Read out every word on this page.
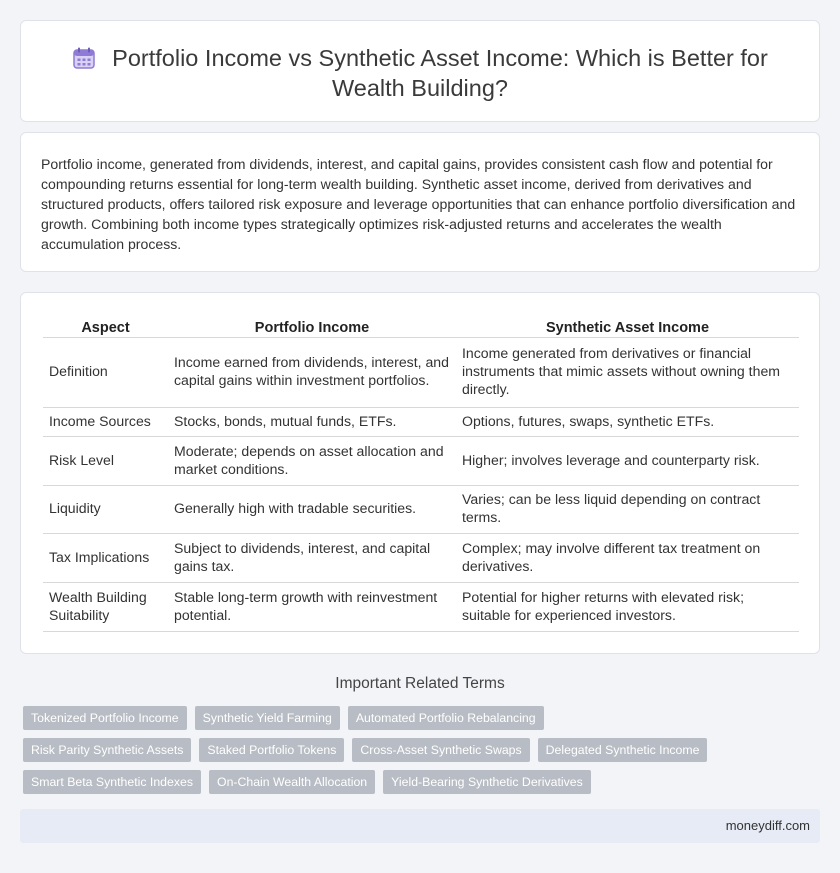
Portfolio Income vs Synthetic Asset Income: Which is Better for Wealth Building?

Portfolio income, generated from dividends, interest, and capital gains, provides consistent cash flow and potential for compounding returns essential for long-term wealth building. Synthetic asset income, derived from derivatives and structured products, offers tailored risk exposure and leverage opportunities that can enhance portfolio diversification and growth. Combining both income types strategically optimizes risk-adjusted returns and accelerates the wealth accumulation process.

Aspect	Portfolio Income	Synthetic Asset Income
Definition	Income earned from dividends, interest, and capital gains within investment portfolios.	Income generated from derivatives or financial instruments that mimic assets without owning them directly.
Income Sources	Stocks, bonds, mutual funds, ETFs.	Options, futures, swaps, synthetic ETFs.
Risk Level	Moderate; depends on asset allocation and market conditions.	Higher; involves leverage and counterparty risk.
Liquidity	Generally high with tradable securities.	Varies; can be less liquid depending on contract terms.
Tax Implications	Subject to dividends, interest, and capital gains tax.	Complex; may involve different tax treatment on derivatives.
Wealth Building Suitability	Stable long-term growth with reinvestment potential.	Potential for higher returns with elevated risk; suitable for experienced investors.
Important Related Terms
Tokenized Portfolio Income	Synthetic Yield Farming	Automated Portfolio Rebalancing
Risk Parity Synthetic Assets	Staked Portfolio Tokens	Cross-Asset Synthetic Swaps	Delegated Synthetic Income
Smart Beta Synthetic Indexes	On-Chain Wealth Allocation	Yield-Bearing Synthetic Derivatives
moneydiff.com
